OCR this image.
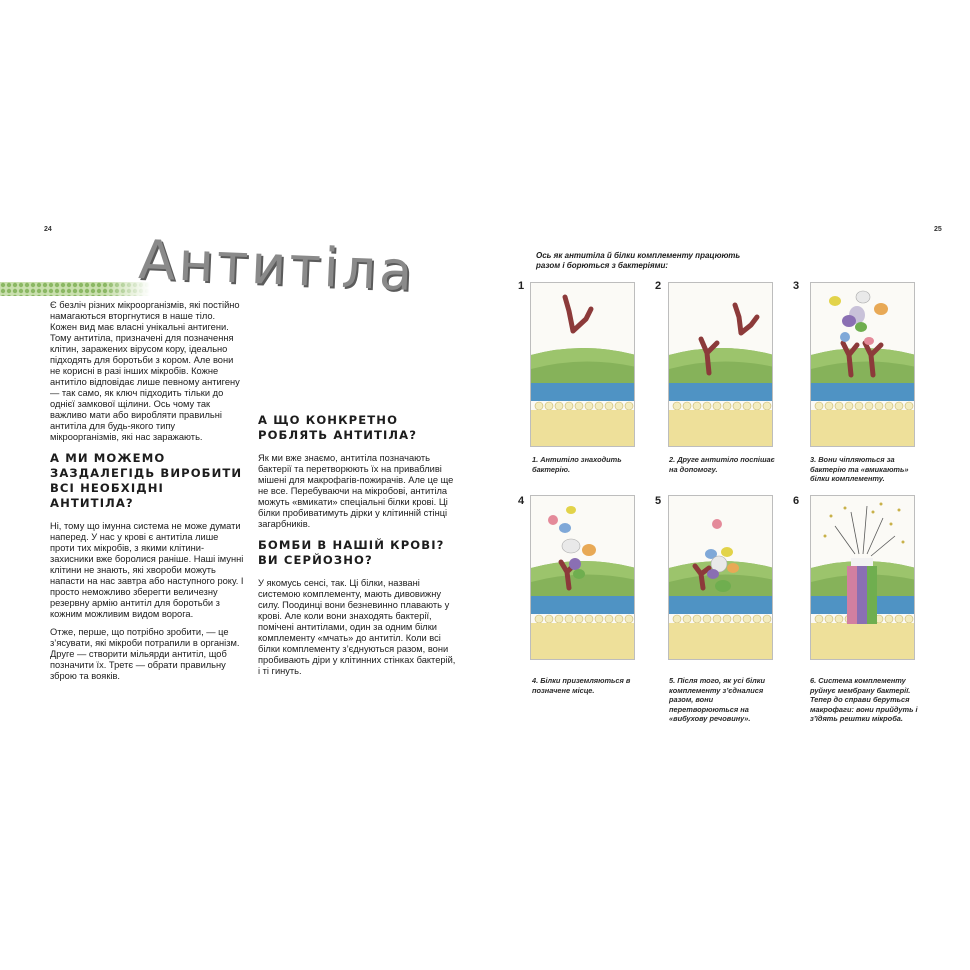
24	25
Антитіла

Є безліч різних мікроорганізмів, які постійно намагаються вторгнутися в наше тіло. Кожен вид має власні унікальні антигени. Тому антитіла, призначені для позначення клітин, заражених вірусом кору, ідеально підходять для боротьби з кором. Але вони не корисні в разі інших мікробів. Кожне антитіло відповідає лише певному антигену — так само, як ключ підходить тільки до однієї замкової щілини. Ось чому так важливо мати або виробляти правильні антитіла для будь-якого типу мікроорганізмів, які нас заражають.

А МИ МОЖЕМО ЗАЗДАЛЕГІДЬ ВИРОБИТИ ВСІ НЕОБХІДНІ АНТИТІЛА?

Ні, тому що імунна система не може думати наперед. У нас у крові є антитіла лише проти тих мікробів, з якими клітини-захисники вже боролися раніше. Наші імунні клітини не знають, які хвороби можуть напасти на нас завтра або наступного року. І просто неможливо зберегти величезну резервну армію антитіл для боротьби з кожним можливим видом ворога.

Отже, перше, що потрібно зробити, — це з’ясувати, які мікроби потрапили в організм. Друге — створити мільярди антитіл, щоб позначити їх. Третє — обрати правильну зброю та вояків.

А ЩО КОНКРЕТНО РОБЛЯТЬ АНТИТІЛА?

Як ми вже знаємо, антитіла позначають бактерії та перетворюють їх на привабливі мішені для макрофагів-пожирачів. Але це ще не все. Перебуваючи на мікробові, антитіла можуть «вмикати» спеціальні білки крові. Ці білки пробиватимуть дірки у клітинній стінці загарбників.

БОМБИ В НАШІЙ КРОВІ? ВИ СЕРЙОЗНО?

У якомусь сенсі, так. Ці білки, названі системою комплементу, мають дивовижну силу. Поодинці вони безневинно плавають у крові. Але коли вони знаходять бактерії, помічені антитілами, один за одним білки комплементу «мчать» до антитіл. Коли всі білки комплементу з’єднуються разом, вони пробивають діри у клітинних стінках бактерій, і ті гинуть.

Ось як антитіла й білки комплементу працюють разом і борються з бактеріями:
1	2	3
4	5	6
1. Антитіло знаходить бактерію.
2. Друге антитіло поспішає на допомогу.
3. Вони чіпляються за бактерію та «вмикають» білки комплементу.
4. Білки приземляються в позначене місце.
5. Після того, як усі білки комплементу з’єдналися разом, вони перетворюються на «вибухову речовину».
6. Система комплементу руйнує мембрану бактерії. Тепер до справи беруться макрофаги: вони прийдуть і з’їдять рештки мікроба.
